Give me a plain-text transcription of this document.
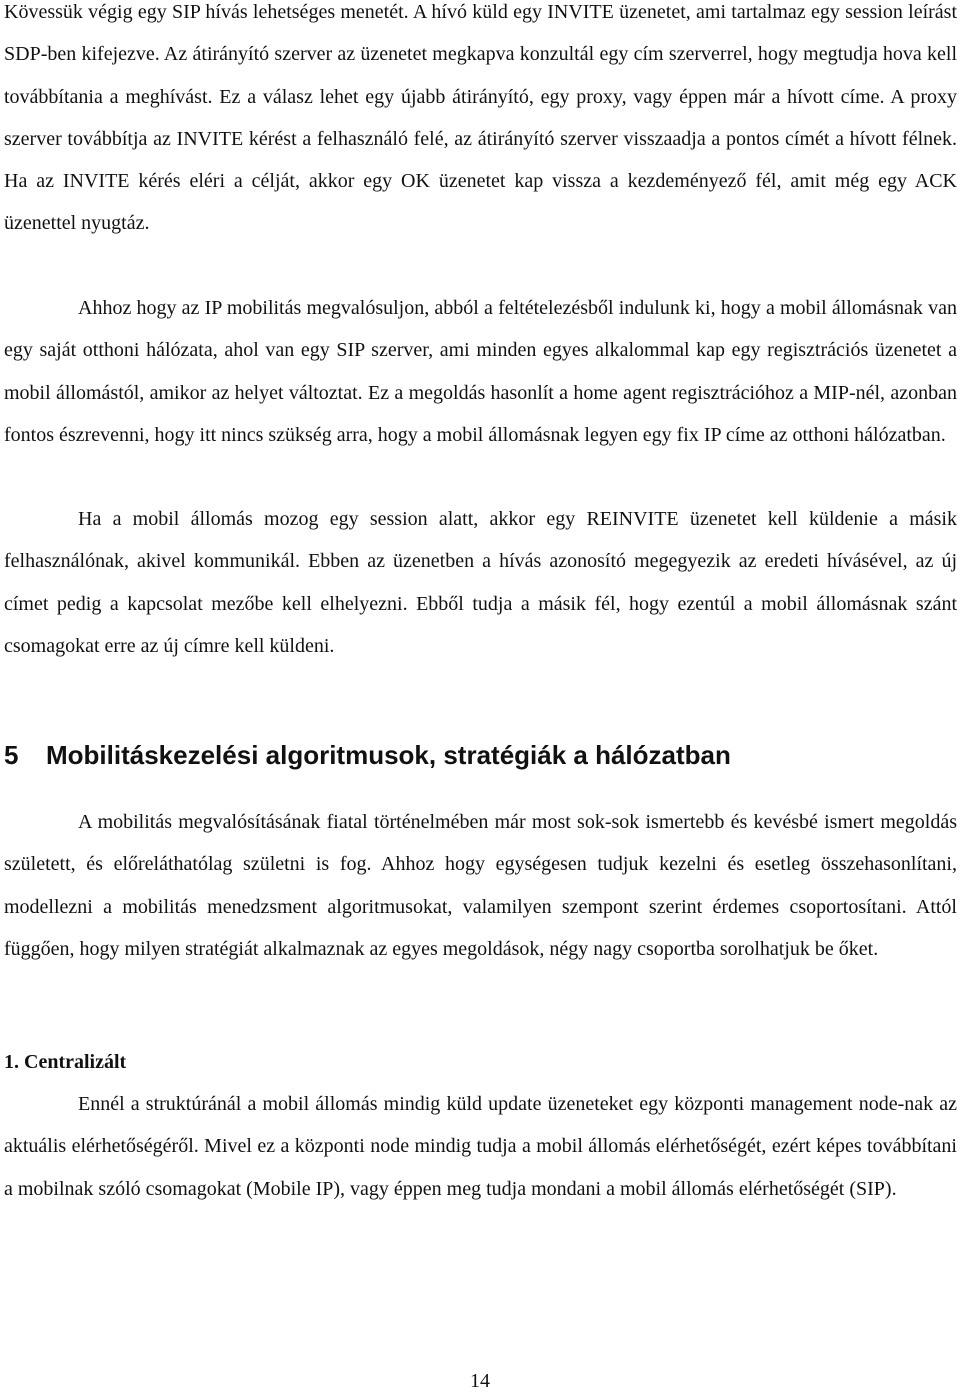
Kövessük végig egy SIP hívás lehetséges menetét. A hívó küld egy INVITE üzenetet, ami tartalmaz egy session leírást SDP-ben kifejezve. Az átirányító szerver az üzenetet megkapva konzultál egy cím szerverrel, hogy megtudja hova kell továbbítania a meghívást. Ez a válasz lehet egy újabb átirányító, egy proxy, vagy éppen már a hívott címe. A proxy szerver továbbítja az INVITE kérést a felhasználó felé, az átirányító szerver visszaadja a pontos címét a hívott félnek. Ha az INVITE kérés eléri a célját, akkor egy OK üzenetet kap vissza a kezdeményező fél, amit még egy ACK üzenettel nyugtáz.

Ahhoz hogy az IP mobilitás megvalósuljon, abból a feltételezésből indulunk ki, hogy a mobil állomásnak van egy saját otthoni hálózata, ahol van egy SIP szerver, ami minden egyes alkalommal kap egy regisztrációs üzenetet a mobil állomástól, amikor az helyet változtat. Ez a megoldás hasonlít a home agent regisztrációhoz a MIP-nél, azonban fontos észrevenni, hogy itt nincs szükség arra, hogy a mobil állomásnak legyen egy fix IP címe az otthoni hálózatban.

Ha a mobil állomás mozog egy session alatt, akkor egy REINVITE üzenetet kell küldenie a másik felhasználónak, akivel kommunikál. Ebben az üzenetben a hívás azonosító megegyezik az eredeti hívásével, az új címet pedig a kapcsolat mezőbe kell elhelyezni. Ebből tudja a másik fél, hogy ezentúl a mobil állomásnak szánt csomagokat erre az új címre kell küldeni.

5 Mobilitáskezelési algoritmusok, stratégiák a hálózatban

A mobilitás megvalósításának fiatal történelmében már most sok-sok ismertebb és kevésbé ismert megoldás született, és előreláthatólag születni is fog. Ahhoz hogy egységesen tudjuk kezelni és esetleg összehasonlítani, modellezni a mobilitás menedzsment algoritmusokat, valamilyen szempont szerint érdemes csoportosítani. Attól függően, hogy milyen stratégiát alkalmaznak az egyes megoldások, négy nagy csoportba sorolhatjuk be őket.

1. Centralizált

Ennél a struktúránál a mobil állomás mindig küld update üzeneteket egy központi management node-nak az aktuális elérhetőségéről. Mivel ez a központi node mindig tudja a mobil állomás elérhetőségét, ezért képes továbbítani a mobilnak szóló csomagokat (Mobile IP), vagy éppen meg tudja mondani a mobil állomás elérhetőségét (SIP).

14
